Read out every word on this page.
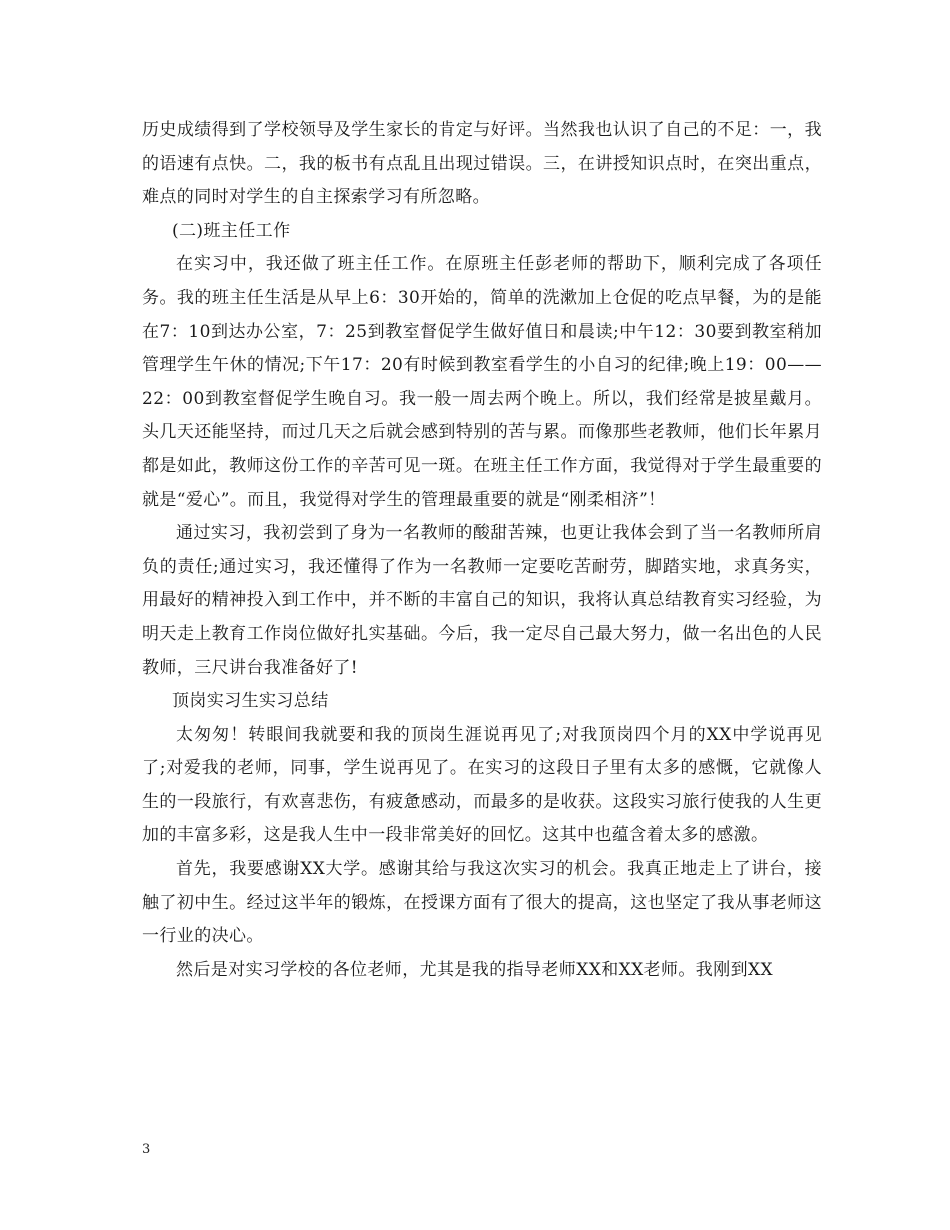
历史成绩得到了学校领导及学生家长的肯定与好评。当然我也认识了自己的不足：一，我的语速有点快。二，我的板书有点乱且出现过错误。三，在讲授知识点时，在突出重点，难点的同时对学生的自主探索学习有所忽略。

(二)班主任工作

在实习中，我还做了班主任工作。在原班主任彭老师的帮助下，顺利完成了各项任务。我的班主任生活是从早上6：30开始的，简单的洗漱加上仓促的吃点早餐，为的是能在7：10到达办公室，7：25到教室督促学生做好值日和晨读;中午12：30要到教室稍加管理学生午休的情况;下午17：20有时候到教室看学生的小自习的纪律;晚上19：00——22：00到教室督促学生晚自习。我一般一周去两个晚上。所以，我们经常是披星戴月。头几天还能坚持，而过几天之后就会感到特别的苦与累。而像那些老教师，他们长年累月都是如此，教师这份工作的辛苦可见一斑。在班主任工作方面，我觉得对于学生最重要的就是“爱心”。而且，我觉得对学生的管理最重要的就是“刚柔相济”！

通过实习，我初尝到了身为一名教师的酸甜苦辣，也更让我体会到了当一名教师所肩负的责任;通过实习，我还懂得了作为一名教师一定要吃苦耐劳，脚踏实地，求真务实，用最好的精神投入到工作中，并不断的丰富自己的知识，我将认真总结教育实习经验，为明天走上教育工作岗位做好扎实基础。今后，我一定尽自己最大努力，做一名出色的人民教师，三尺讲台我准备好了!

顶岗实习生实习总结

太匆匆！转眼间我就要和我的顶岗生涯说再见了;对我顶岗四个月的XX中学说再见了;对爱我的老师，同事，学生说再见了。在实习的这段日子里有太多的感慨，它就像人生的一段旅行，有欢喜悲伤，有疲惫感动，而最多的是收获。这段实习旅行使我的人生更加的丰富多彩，这是我人生中一段非常美好的回忆。这其中也蕴含着太多的感激。

首先，我要感谢XX大学。感谢其给与我这次实习的机会。我真正地走上了讲台，接触了初中生。经过这半年的锻炼，在授课方面有了很大的提高，这也坚定了我从事老师这一行业的决心。

然后是对实习学校的各位老师，尤其是我的指导老师XX和XX老师。我刚到XX

3
